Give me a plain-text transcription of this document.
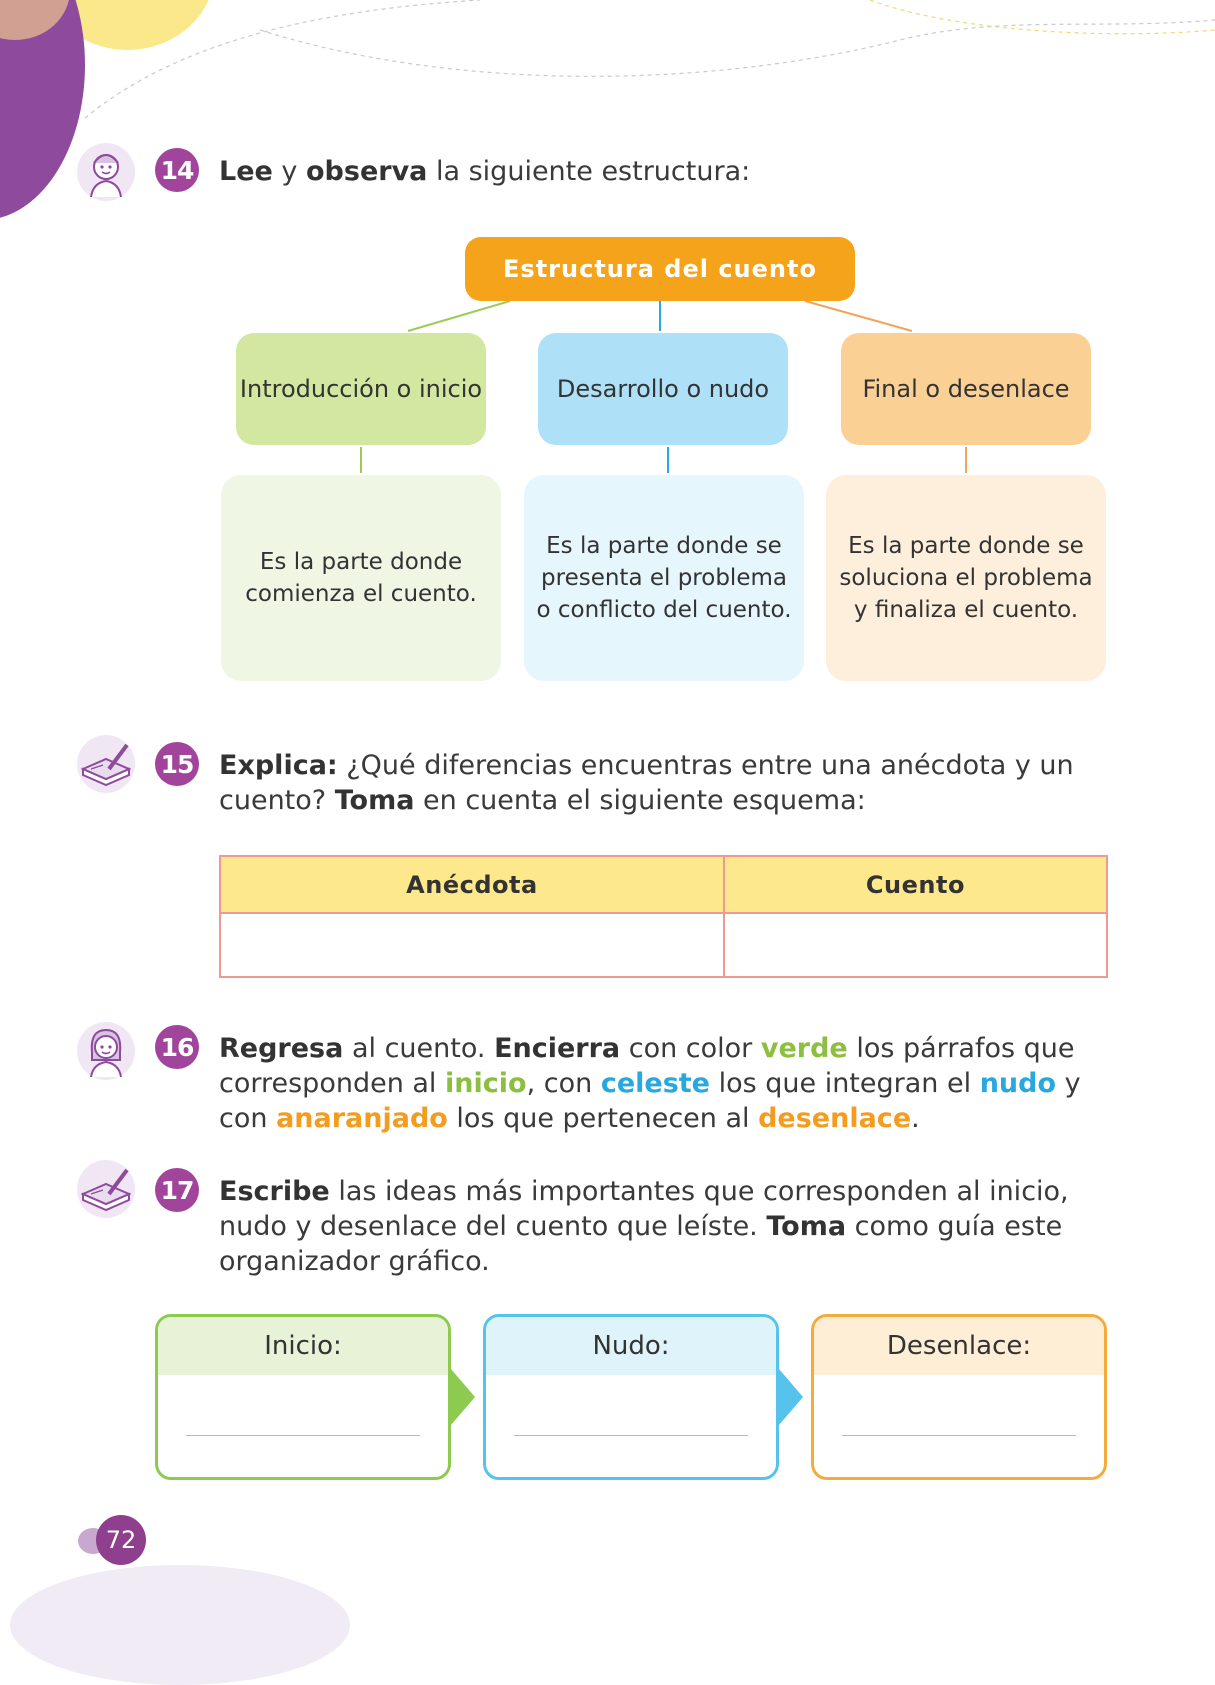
14 Lee y observa la siguiente estructura:
Estructura del cuento
Introducción o inicio	Desarrollo o nudo	Final o desenlace
Es la parte donde comienza el cuento.
Es la parte donde se presenta el problema o conflicto del cuento.
Es la parte donde se soluciona el problema y finaliza el cuento.
15 Explica: ¿Qué diferencias encuentras entre una anécdota y un cuento? Toma en cuenta el siguiente esquema:
Anécdota	Cuento

16 Regresa al cuento. Encierra con color verde los párrafos que corresponden al inicio, con celeste los que integran el nudo y con anaranjado los que pertenecen al desenlace.
17 Escribe las ideas más importantes que corresponden al inicio, nudo y desenlace del cuento que leíste. Toma como guía este organizador gráfico.
Inicio:	Nudo:	Desenlace:
72
